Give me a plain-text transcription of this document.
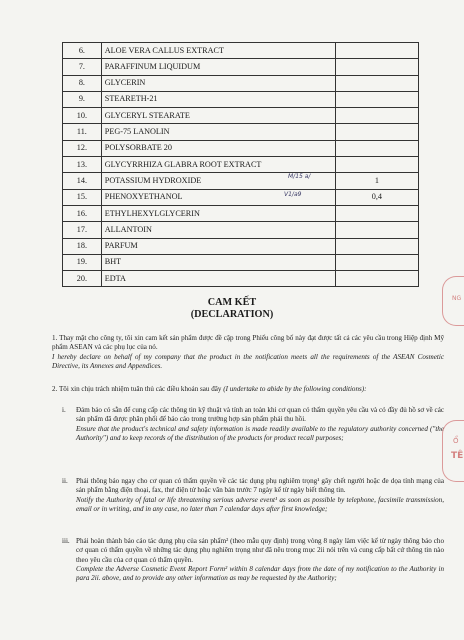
6.	ALOE VERA CALLUS EXTRACT	
7.	PARAFFINUM LIQUIDUM	
8.	GLYCERIN	
9.	STEARETH-21	
10.	GLYCERYL STEARATE	
11.	PEG-75 LANOLIN	
12.	POLYSORBATE 20	
13.	GLYCYRRHIZA GLABRA ROOT EXTRACT	
14.	POTASSIUM HYDROXIDE	1
15.	PHENOXYETHANOL	0,4
16.	ETHYLHEXYLGLYCERIN	
17.	ALLANTOIN	
18.	PARFUM	
19.	BHT	
20.	EDTA	
M/15 a/
V1/a9
CAM KẾT
(DECLARATION)

1. Thay mặt cho công ty, tôi xin cam kết sản phẩm được đề cập trong Phiếu công bố này đạt được tất cả các yêu cầu trong Hiệp định Mỹ phẩm ASEAN và các phụ lục của nó.

I hereby declare on behalf of my company that the product in the notification meets all the requirements of the ASEAN Cosmetic Directive, its Annexes and Appendices.

2. Tôi xin chịu trách nhiệm tuân thủ các điều khoản sau đây (I undertake to abide by the following conditions):

i.	Đảm bảo có sẵn để cung cấp các thông tin kỹ thuật và tính an toàn khi cơ quan có thẩm quyền yêu cầu và có đầy đủ hồ sơ về các sản phẩm đã được phân phối để báo cáo trong trường hợp sản phẩm phải thu hồi.

Ensure that the product's technical and safety information is made readily available to the regulatory authority concerned ("the Authority") and to keep records of the distribution of the products for product recall purposes;

ii.	Phải thông báo ngay cho cơ quan có thẩm quyền về các tác dụng phụ nghiêm trọng¹ gây chết người hoặc đe dọa tính mạng của sản phẩm bằng điện thoại, fax, thư điện tử hoặc văn bản trước 7 ngày kể từ ngày biết thông tin.

Notify the Authority of fatal or life threatening serious adverse event¹ as soon as possible by telephone, facsimile transmission, email or in writing, and in any case, no later than 7 calendar days after first knowledge;

iii. Phải hoàn thành báo cáo tác dụng phụ của sản phẩm² (theo mẫu quy định) trong vòng 8 ngày làm việc kể từ ngày thông báo cho cơ quan có thẩm quyền về những tác dụng phụ nghiêm trọng như đã nêu trong mục 2ii nói trên và cung cấp bất cứ thông tin nào theo yêu cầu của cơ quan có thẩm quyền.

Complete the Adverse Cosmetic Event Report Form² within 8 calendar days from the date of my notification to the Authority in para 2ii. above, and to provide any other information as may be requested by the Authority;

NG
Ổ
TÊ
